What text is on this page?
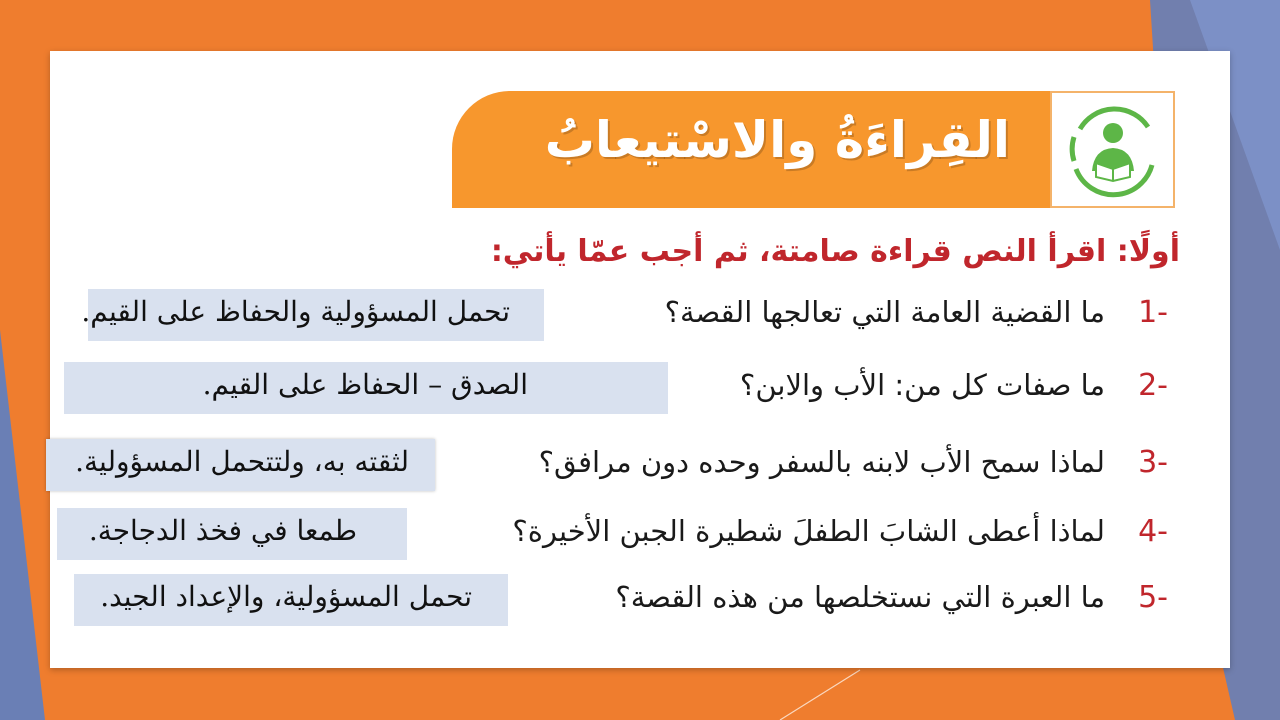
القِراءَةُ والاسْتيعابُ
أولًا: اقرأ النص قراءة صامتة، ثم أجب عمّا يأتي:
تحمل المسؤولية والحفاظ على القيم.	ما القضية العامة التي تعالجها القصة؟ 1-
الصدق – الحفاظ على القيم.	ما صفات كل من: الأب والابن؟ 2-
لثقته به، ولتتحمل المسؤولية.	لماذا سمح الأب لابنه بالسفر وحده دون مرافق؟ 3-
طمعا في فخذ الدجاجة.	لماذا أعطى الشابَ الطفلَ شطيرة الجبن الأخيرة؟ 4-
تحمل المسؤولية، والإعداد الجيد.	ما العبرة التي نستخلصها من هذه القصة؟ 5-
